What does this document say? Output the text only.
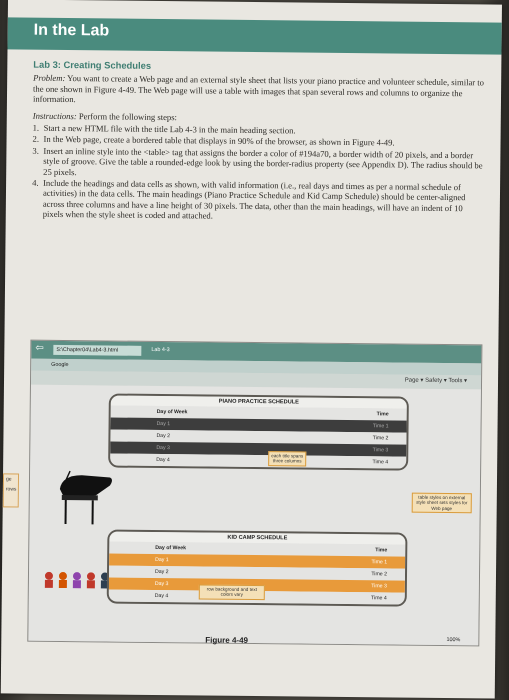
In the Lab
Lab 3: Creating Schedules

Problem: You want to create a Web page and an external style sheet that lists your piano practice and volunteer schedule, similar to the one shown in Figure 4-49. The Web page will use a table with images that span several rows and columns to organize the information.

Instructions: Perform the following steps:

1. Start a new HTML file with the title Lab 4-3 in the main heading section.
2. In the Web page, create a bordered table that displays in 90% of the browser, as shown in Figure 4-49.
3. Insert an inline style into the <table> tag that assigns the border a color of #194a70, a border width of 20 pixels, and a border style of groove. Give the table a rounded-edge look by using the border-radius property (see Appendix D). The radius should be 25 pixels.
4. Include the headings and data cells as shown, with valid information (i.e., real days and times as per a normal schedule of activities) in the data cells. The main headings (Piano Practice Schedule and Kid Camp Schedule) should be center-aligned across three columns and have a line height of 30 pixels. The data, other than the main headings, will have an indent of 10 pixels when the style sheet is coded and attached.
ge
rows
⇦ S:\Chapter04\Lab4-3.html	Lab 4-3
Google
Page ▾ Safety ▾ Tools ▾
PIANO PRACTICE SCHEDULE
Day of Week	Time
Day 1	Time 1
Day 2	Time 2
Day 3	Time 3
Day 4	Time 4
KID CAMP SCHEDULE
Day of Week	Time
Day 1	Time 1
Day 2	Time 2
Day 3	Time 3
Day 4	Time 4
each title spans three columns
table styles on external style sheet sets styles for Web page
row background and text colors vary
100%
Figure 4-49
